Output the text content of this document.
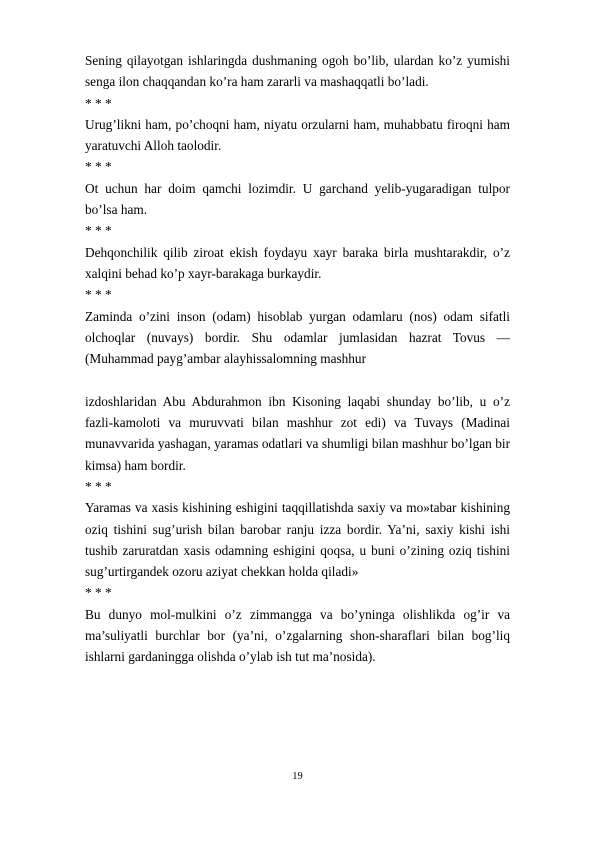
Sening qilayotgan ishlaringda dushmaning ogoh bo’lib, ulardan ko’z yumishi senga ilon chaqqandan ko’ra ham zararli va mashaqqatli bo’ladi.

* * *

Urug’likni ham, po’choqni ham, niyatu orzularni ham, muhabbatu firoqni ham yaratuvchi Alloh taolodir.

* * *

Ot uchun har doim qamchi lozimdir. U garchand yelib-yugaradigan tulpor bo’lsa ham.

* * *

Dehqonchilik qilib ziroat ekish foydayu xayr baraka birla mushtarakdir, o’z xalqini behad ko’p xayr-barakaga burkaydir.

* * *

Zaminda o’zini inson (odam) hisoblab yurgan odamlaru (nos) odam sifatli olchoqlar (nuvays) bordir. Shu odamlar jumlasidan hazrat Tovus — (Muhammad payg’ambar alayhissalomning mashhur

izdoshlaridan Abu Abdurahmon ibn Kisoning laqabi shunday bo’lib, u o’z fazli-kamoloti va muruvvati bilan mashhur zot edi) va Tuvays (Madinai munavvarida yashagan, yaramas odatlari va shumligi bilan mashhur bo’lgan bir kimsa) ham bordir.

* * *

Yaramas va xasis kishining eshigini taqqillatishda saxiy va mo»tabar kishining oziq tishini sug’urish bilan barobar ranju izza bordir. Ya’ni, saxiy kishi ishi tushib zaruratdan xasis odamning eshigini qoqsa, u buni o’zining oziq tishini sug’urtirgandek ozoru aziyat chekkan holda qiladi»

* * *

Bu dunyo mol-mulkini o’z zimmangga va bo’yninga olishlikda og’ir va ma’suliyatli burchlar bor (ya’ni, o’zgalarning shon-sharaflari bilan bog’liq ishlarni gardaningga olishda o’ylab ish tut ma’nosida).

19
